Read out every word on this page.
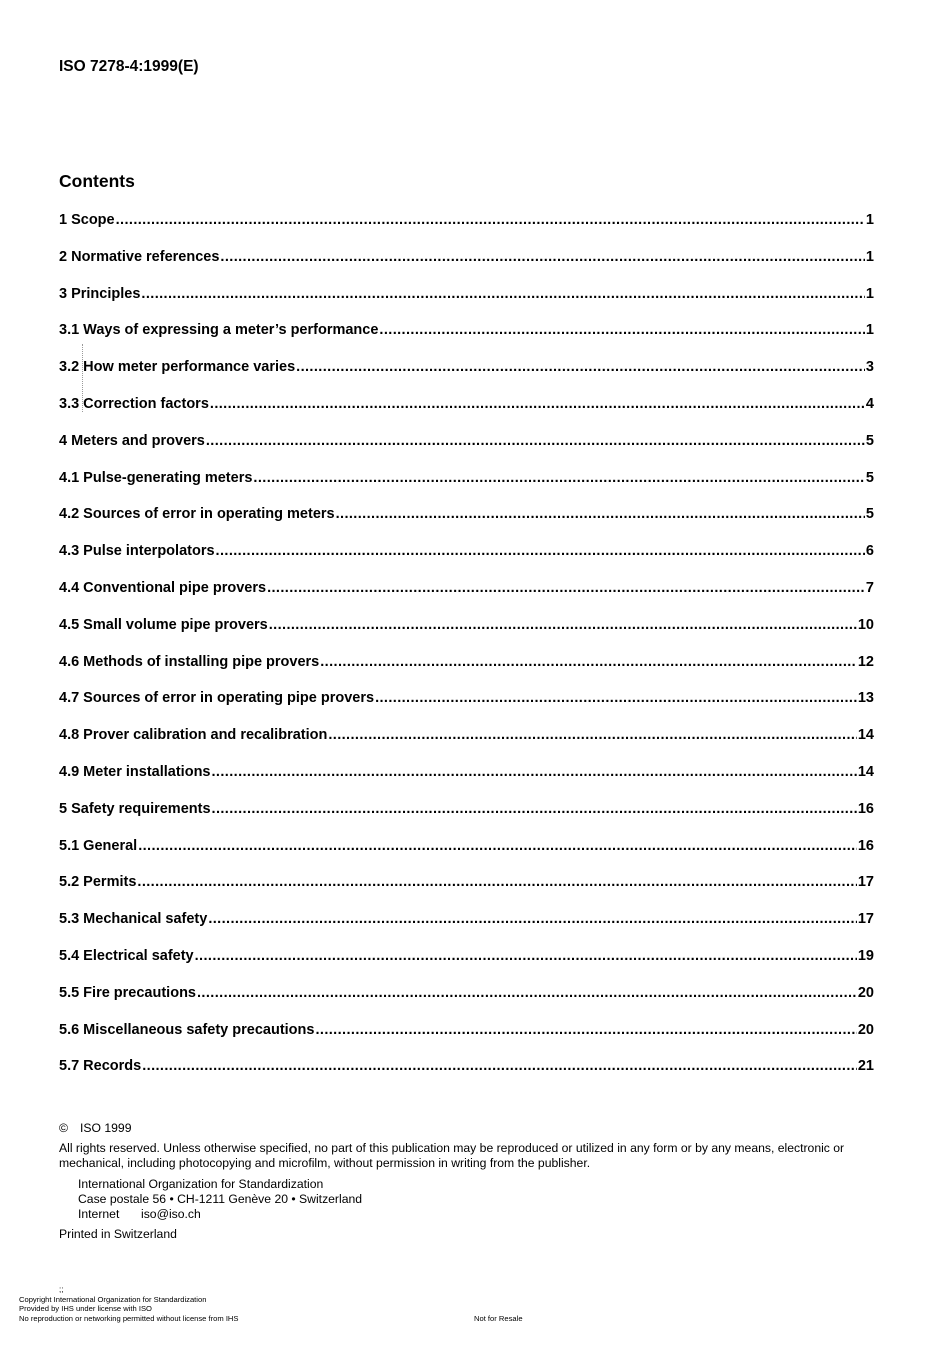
ISO 7278-4:1999(E)
Contents
1 Scope .....	1
2 Normative references .....	1
3 Principles .....	1
3.1 Ways of expressing a meter’s performance .....	1
3.2 How meter performance varies .....	3
3.3 Correction factors .....	4
4 Meters and provers .....	5
4.1 Pulse-generating meters .....	5
4.2 Sources of error in operating meters .....	5
4.3 Pulse interpolators .....	6
4.4 Conventional pipe provers .....	7
4.5 Small volume pipe provers .....	10
4.6 Methods of installing pipe provers .....	12
4.7 Sources of error in operating pipe provers .....	13
4.8 Prover calibration and recalibration .....	14
4.9 Meter installations .....	14
5 Safety requirements .....	16
5.1 General .....	16
5.2 Permits .....	17
5.3 Mechanical safety .....	17
5.4 Electrical safety .....	19
5.5 Fire precautions .....	20
5.6 Miscellaneous safety precautions .....	20
5.7 Records .....	21
© ISO 1999
All rights reserved. Unless otherwise specified, no part of this publication may be reproduced or utilized in any form or by any means, electronic or mechanical, including photocopying and microfilm, without permission in writing from the publisher.
International Organization for Standardization
Case postale 56 • CH-1211 Genève 20 • Switzerland
Internet iso@iso.ch
Printed in Switzerland
; ;
Copyright International Organization for Standardization
Provided by IHS under license with ISO
No reproduction or networking permitted without license from IHS	Not for Resale
